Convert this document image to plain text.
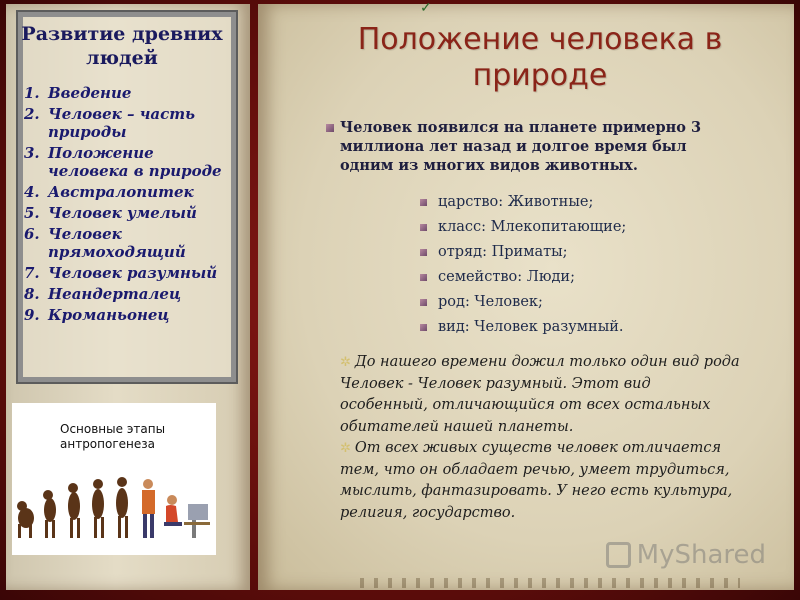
Развитие древних людей
1. Введение
2. Человек – часть природы
3. Положение человека в природе
4. Австралопитек
5. Человек умелый
6. Человек прямоходящий
7. Человек разумный
8. Неандерталец
9. Кроманьонец
Основные этапы антропогенеза
✓
Положение человека в природе
Человек появился на планете примерно 3 миллиона лет назад и долгое время был одним из многих видов животных.
царство: Животные;
класс: Млекопитающие;
отряд: Приматы;
семейство: Люди;
род: Человек;
вид: Человек разумный.

✲ До нашего времени дожил только один вид рода Человек - Человек разумный. Этот вид особенный, отличающийся от всех остальных обитателей нашей планеты.

✲ От всех живых существ человек отличается тем, что он обладает речью, умеет трудиться, мыслить, фантазировать. У него есть культура, религия, государство.

MyShared
